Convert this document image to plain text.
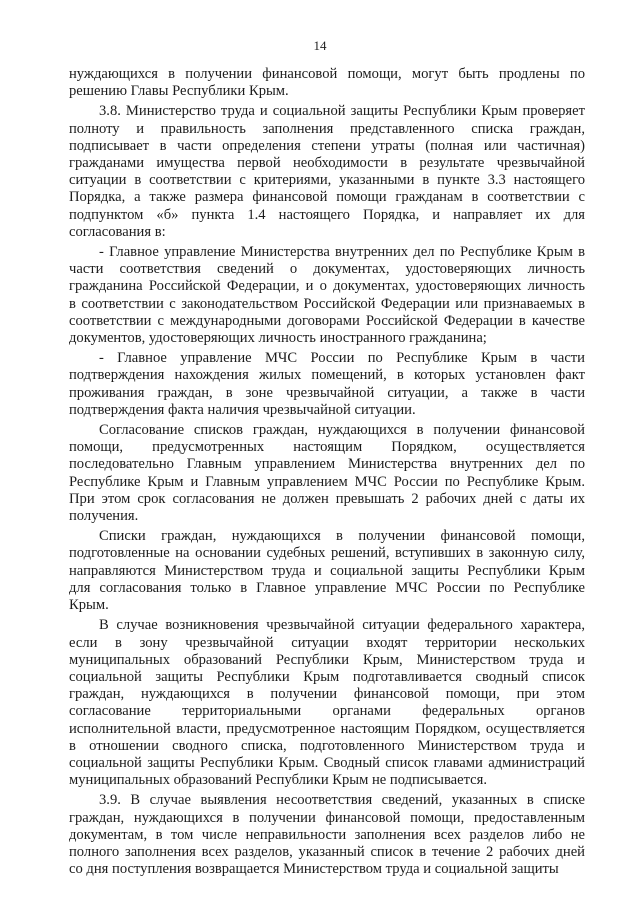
14
нуждающихся в получении финансовой помощи, могут быть продлены по
решению Главы Республики Крым.
3.8. Министерство труда и социальной защиты Республики Крым проверяет
полноту и правильность заполнения представленного списка граждан,
подписывает в части определения степени утраты (полная или частичная)
гражданами имущества первой необходимости в результате чрезвычайной
ситуации в соответствии с критериями, указанными в пункте 3.3 настоящего
Порядка, а также размера финансовой помощи гражданам в соответствии с
подпунктом «б» пункта 1.4 настоящего Порядка, и направляет их для
согласования в:
- Главное управление Министерства внутренних дел по Республике Крым в
части соответствия сведений о документах, удостоверяющих личность
гражданина Российской Федерации, и о документах, удостоверяющих личность
в соответствии с законодательством Российской Федерации или признаваемых в
соответствии с международными договорами Российской Федерации в качестве
документов, удостоверяющих личность иностранного гражданина;
- Главное управление МЧС России по Республике Крым в части
подтверждения нахождения жилых помещений, в которых установлен факт
проживания граждан, в зоне чрезвычайной ситуации, а также в части
подтверждения факта наличия чрезвычайной ситуации.
Согласование списков граждан, нуждающихся в получении финансовой
помощи, предусмотренных настоящим Порядком, осуществляется
последовательно Главным управлением Министерства внутренних дел по
Республике Крым и Главным управлением МЧС России по Республике Крым.
При этом срок согласования не должен превышать 2 рабочих дней с даты их
получения.
Списки граждан, нуждающихся в получении финансовой помощи,
подготовленные на основании судебных решений, вступивших в законную силу,
направляются Министерством труда и социальной защиты Республики Крым
для согласования только в Главное управление МЧС России по Республике
Крым.
В случае возникновения чрезвычайной ситуации федерального характера,
если в зону чрезвычайной ситуации входят территории нескольких
муниципальных образований Республики Крым, Министерством труда и
социальной защиты Республики Крым подготавливается сводный список
граждан, нуждающихся в получении финансовой помощи, при этом
согласование территориальными органами федеральных органов
исполнительной власти, предусмотренное настоящим Порядком, осуществляется
в отношении сводного списка, подготовленного Министерством труда и
социальной защиты Республики Крым. Сводный список главами администраций
муниципальных образований Республики Крым не подписывается.
3.9. В случае выявления несоответствия сведений, указанных в списке
граждан, нуждающихся в получении финансовой помощи, предоставленным
документам, в том числе неправильности заполнения всех разделов либо не
полного заполнения всех разделов, указанный список в течение 2 рабочих дней
со дня поступления возвращается Министерством труда и социальной защиты
